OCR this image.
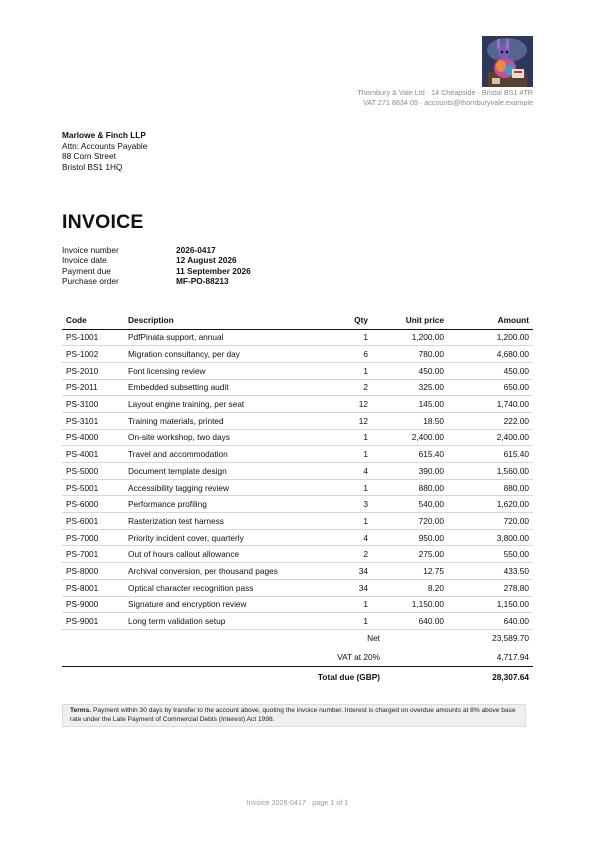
Thornbury & Vale Ltd · 14 Cheapside · Bristol BS1 4TR
VAT 271 8834 09 · accounts@thornburyvale.example
Marlowe & Finch LLP
Attn: Accounts Payable
88 Corn Street
Bristol BS1 1HQ
INVOICE
Invoice number	2026-0417
Invoice date	12 August 2026
Payment due	11 September 2026
Purchase order	MF-PO-88213
Code	Description	Qty	Unit price	Amount
PS-1001	PdfPinata support, annual	1	1,200.00	1,200.00
PS-1002	Migration consultancy, per day	6	780.00	4,680.00
PS-2010	Font licensing review	1	450.00	450.00
PS-2011	Embedded subsetting audit	2	325.00	650.00
PS-3100	Layout engine training, per seat	12	145.00	1,740.00
PS-3101	Training materials, printed	12	18.50	222.00
PS-4000	On-site workshop, two days	1	2,400.00	2,400.00
PS-4001	Travel and accommodation	1	615.40	615.40
PS-5000	Document template design	4	390.00	1,560.00
PS-5001	Accessibility tagging review	1	880.00	880.00
PS-6000	Performance profiling	3	540.00	1,620.00
PS-6001	Rasterization test harness	1	720.00	720.00
PS-7000	Priority incident cover, quarterly	4	950.00	3,800.00
PS-7001	Out of hours callout allowance	2	275.00	550.00
PS-8000	Archival conversion, per thousand pages	34	12.75	433.50
PS-8001	Optical character recognition pass	34	8.20	278.80
PS-9000	Signature and encryption review	1	1,150.00	1,150.00
PS-9001	Long term validation setup	1	640.00	640.00
Net	23,589.70
VAT at 20%	4,717.94
Total due (GBP)	28,307.64
Terms. Payment within 30 days by transfer to the account above, quoting the invoice number. Interest is charged on overdue amounts at 8% above base rate under the Late Payment of Commercial Debts (Interest) Act 1998.
Invoice 2026-0417 · page 1 of 1
